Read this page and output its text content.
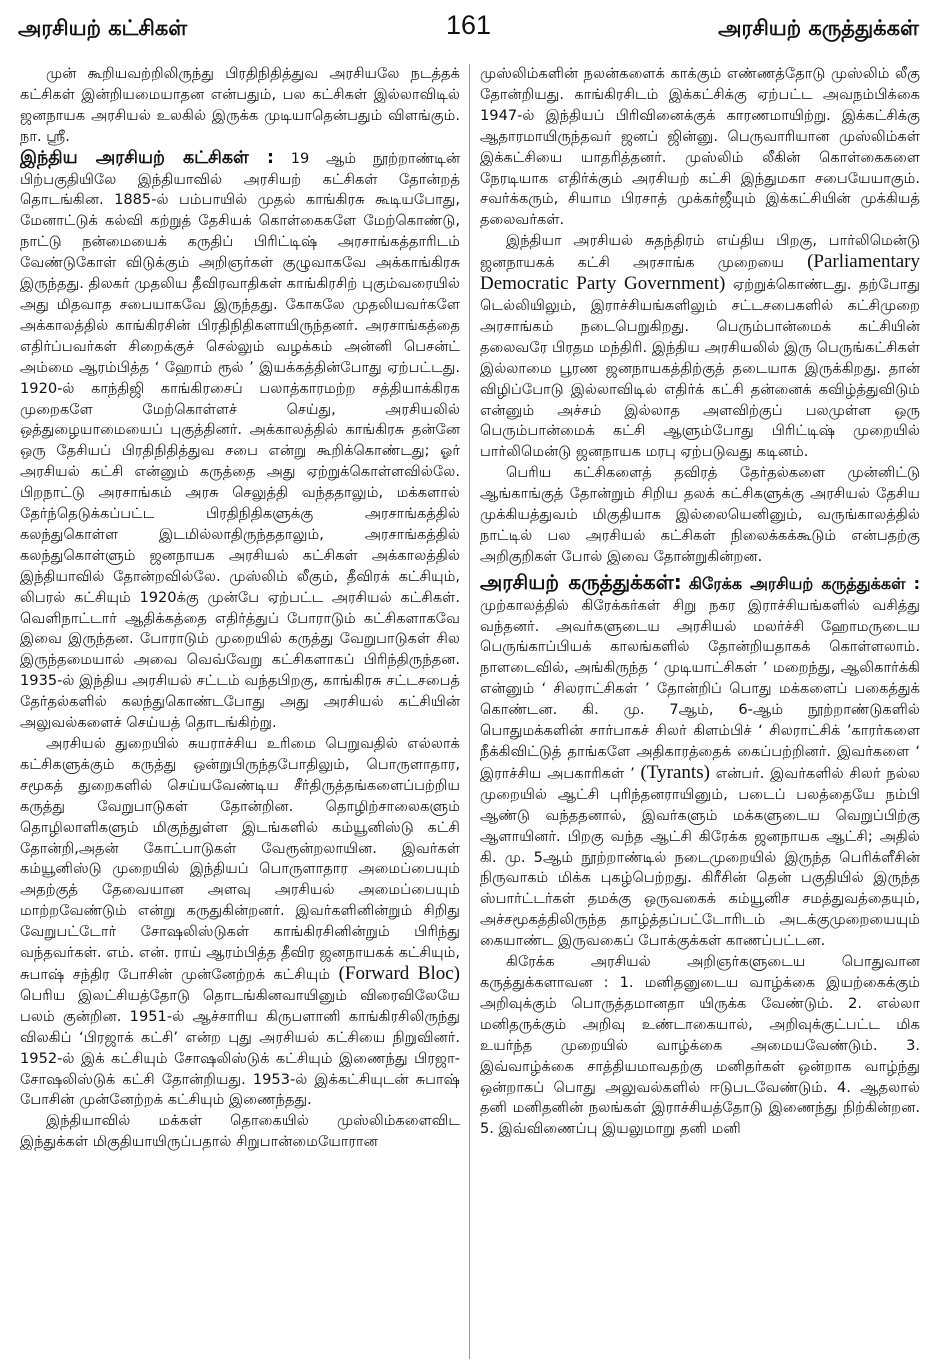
அரசியற் கட்சிகள்	161	அரசியற் கருத்துக்கள்

முன் கூறியவற்றிலிருந்து பிரதிநிதித்துவ அரசியலே நடத்தக் கட்சிகள் இன்றியமையாதன என்பதும், பல கட்சிகள் இல்லாவிடில் ஜனநாயக அரசியல் உலகில் இருக்க முடியாதென்பதும் விளங்கும். நா. ஸ்ரீ.

இந்திய அரசியற் கட்சிகள் : 19 ஆம் நூற்றாண்டின் பிற்பகுதியிலே இந்தியாவில் அரசியற் கட்சிகள் தோன்றத் தொடங்கின. 1885-ல் பம்பாயில் முதல் காங்கிரசு கூடியபோது, மேனாட்டுக் கல்வி கற்றுத் தேசியக் கொள்கைகளே மேற்கொண்டு, நாட்டு நன்மையைக் கருதிப் பிரிட்டிஷ் அரசாங்கத்தாரிடம் வேண்டுகோள் விடுக்கும் அறிஞர்கள் குழுவாகவே அக்காங்கிரசு இருந்தது. திலகர் முதலிய தீவிரவாதிகள் காங்கிரசிற் புகும்வரையில் அது மிதவாத சபையாகவே இருந்தது. கோகலே முதலியவர்களே அக்காலத்தில் காங்கிரசின் பிரதிநிதிகளாயிருந்தனர். அரசாங்கத்தை எதிர்ப்பவர்கள் சிறைக்குச் செல்லும் வழக்கம் அன்னி பெசன்ட் அம்மை ஆரம்பித்த ‘ ஹோம் ரூல் ’ இயக்கத்தின்போது ஏற்பட்டது. 1920-ல் காந்திஜி காங்கிரசைப் பலாத்காரமற்ற சத்தியாக்கிரக முறைகளே மேற்கொள்ளச் செய்து, அரசியலில் ஒத்துழையாமையைப் புகுத்தினர். அக்காலத்தில் காங்கிரசு தன்னே ஒரு தேசியப் பிரதிநிதித்துவ சபை என்று கூறிக்கொண்டது; ஓர் அரசியல் கட்சி என்னும் கருத்தை அது ஏற்றுக்கொள்ளவில்லே. பிறநாட்டு அரசாங்கம் அரசு செலுத்தி வந்ததாலும், மக்களால் தேர்ந்தெடுக்கப்பட்ட பிரதிநிதிகளுக்கு அரசாங்கத்தில் கலந்துகொள்ள இடமில்லாதிருந்ததாலும், அரசாங்கத்தில் கலந்துகொள்ளும் ஜனநாயக அரசியல் கட்சிகள் அக்காலத்தில் இந்தியாவில் தோன்றவில்லே. முஸ்லிம் லீகும், தீவிரக் கட்சியும், லிபரல் கட்சியும் 1920க்கு முன்பே ஏற்பட்ட அரசியல் கட்சிகள். வெளிநாட்டார் ஆதிக்கத்தை எதிர்த்துப் போராடும் கட்சிகளாகவே இவை இருந்தன. போராடும் முறையில் கருத்து வேறுபாடுகள் சில இருந்தமையால் அவை வெவ்வேறு கட்சிகளாகப் பிரிந்திருந்தன. 1935-ல் இந்திய அரசியல் சட்டம் வந்தபிறகு, காங்கிரசு சட்டசபைத் தேர்தல்களில் கலந்துகொண்டபோது அது அரசியல் கட்சியின் அலுவல்களைச் செய்யத் தொடங்கிற்று.

அரசியல் துறையில் சுயராச்சிய உரிமை பெறுவதில் எல்லாக் கட்சிகளுக்கும் கருத்து ஒன்றுபிருந்தபோதிலும், பொருளாதார, சமூகத் துறைகளில் செய்யவேண்டிய சீர்திருத்தங்களைப்பற்றிய கருத்து வேறுபாடுகள் தோன்றின. தொழிற்சாலைகளும் தொழிலாளிகளும் மிகுந்துள்ள இடங்களில் கம்யூனிஸ்டு கட்சி தோன்றி,அதன் கோட்பாடுகள் வேரூன்றலாயின. இவர்கள் கம்யூனிஸ்டு முறையில் இந்தியப் பொருளாதார அமைப்பையும் அதற்குத் தேவையான அளவு அரசியல் அமைப்பையும் மாற்றவேண்டும் என்று கருதுகின்றனர். இவர்களினின்றும் சிறிது வேறுபட்டோர் சோஷலிஸ்டுகள் காங்கிரசினின்றும் பிரிந்து வந்தவர்கள். எம். என். ராய் ஆரம்பித்த தீவிர ஜனநாயகக் கட்சியும், சுபாஷ் சந்திர போசின் முன்னேற்றக் கட்சியும் (Forward Bloc) பெரிய இலட்சியத்தோடு தொடங்கினவாயினும் விரைவிலேயே பலம் குன்றின. 1951-ல் ஆச்சாரிய கிருபளானி காங்கிரசிலிருந்து விலகிப் ‘பிரஜாக் கட்சி’ என்ற புது அரசியல் கட்சியை நிறுவினர். 1952-ல் இக் கட்சியும் சோஷலிஸ்டுக் கட்சியும் இணைந்து பிரஜா-சோஷலிஸ்டுக் கட்சி தோன்றியது. 1953-ல் இக்கட்சியுடன் சுபாஷ் போசின் முன்னேற்றக் கட்சியும் இணைந்தது.

இந்தியாவில் மக்கள் தொகையில் முஸ்லிம்களைவிட இந்துக்கள் மிகுதியாயிருப்பதால் சிறுபான்மையோரான

முஸ்லிம்களின் நலன்களைக் காக்கும் எண்ணத்தோடு முஸ்லிம் லீகு தோன்றியது. காங்கிரசிடம் இக்கட்சிக்கு ஏற்பட்ட அவநம்பிக்கை 1947-ல் இந்தியப் பிரிவினைக்குக் காரணமாயிற்று. இக்கட்சிக்கு ஆதாரமாயிருந்தவர் ஜனப் ஜின்னு. பெருவாரியான முஸ்லிம்கள் இக்கட்சியை யாதரித்தனர். முஸ்லிம் லீகின் கொள்கைகளை நேரடியாக எதிர்க்கும் அரசியற் கட்சி இந்துமகா சபையேயாகும். சவர்க்கரும், சியாம பிரசாத் முக்கர்ஜீயும் இக்கட்சியின் முக்கியத் தலைவர்கள்.

இந்தியா அரசியல் சுதந்திரம் எய்திய பிறகு, பார்லிமென்டு ஜனநாயகக் கட்சி அரசாங்க முறையை (Parliamentary Democratic Party Government) ஏற்றுக்கொண்டது. தற்போது டெல்லியிலும், இராச்சியங்களிலும் சட்டசபைகளில் கட்சிமுறை அரசாங்கம் நடைபெறுகிறது. பெரும்பான்மைக் கட்சியின் தலைவரே பிரதம மந்திரி. இந்திய அரசியலில் இரு பெருங்கட்சிகள் இல்லாமை பூரண ஜனநாயகத்திற்குத் தடையாக இருக்கிறது. தான் விழிப்போடு இல்லாவிடில் எதிர்க் கட்சி தன்னைக் கவிழ்த்துவிடும் என்னும் அச்சம் இல்லாத அளவிற்குப் பலமுள்ள ஒரு பெரும்பான்மைக் கட்சி ஆளும்போது பிரிட்டிஷ் முறையில் பார்லிமென்டு ஜனநாயக மரபு ஏற்படுவது கடினம்.

பெரிய கட்சிகளைத் தவிரத் தேர்தல்களை முன்னிட்டு ஆங்காங்குத் தோன்றும் சிறிய தலக் கட்சிகளுக்கு அரசியல் தேசிய முக்கியத்துவம் மிகுதியாக இல்லையெனினும், வருங்காலத்தில் நாட்டில் பல அரசியல் கட்சிகள் நிலைக்கக்கூடும் என்பதற்கு அறிகுறிகள் போல் இவை தோன்றுகின்றன.

அரசியற் கருத்துக்கள்: கிரேக்க அரசியற் கருத்துக்கள் : முற்காலத்தில் கிரேக்கர்கள் சிறு நகர இராச்சியங்களில் வசித்து வந்தனர். அவர்களுடைய அரசியல் மலர்ச்சி ஹோமருடைய பெருங்காப்பியக் காலங்களில் தோன்றியதாகக் கொள்ளலாம். நாளடைவில், அங்கிருந்த ‘ முடியாட்சிகள் ’ மறைந்து, ஆலிகார்க்கி என்னும் ‘ சிலராட்சிகள் ’ தோன்றிப் பொது மக்களைப் பகைத்துக் கொண்டன. கி. மு. 7ஆம், 6-ஆம் நூற்றாண்டுகளில் பொதுமக்களின் சார்பாகச் சிலர் கிளம்பிச் ‘ சிலராட்சிக் ’காரர்களை நீக்கிவிட்டுத் தாங்களே அதிகாரத்தைக் கைப்பற்றினர். இவர்களை ‘ இராச்சிய அபகாரிகள் ’ (Tyrants) என்பர். இவர்களில் சிலர் நல்ல முறையில் ஆட்சி புரிந்தனராயினும், படைப் பலத்தையே நம்பி ஆண்டு வந்ததனால், இவர்களும் மக்களுடைய வெறுப்பிற்கு ஆளாயினர். பிறகு வந்த ஆட்சி கிரேக்க ஜனநாயக ஆட்சி; அதில் கி. மு. 5ஆம் நூற்றாண்டில் நடைமுறையில் இருந்த பெரிக்ளீசின் நிருவாகம் மிக்க புகழ்பெற்றது. கிரீசின் தென் பகுதியில் இருந்த ஸ்பார்ட்டர்கள் தமக்கு ஒருவகைக் கம்யூனிச சமத்துவத்தையும், அச்சமூகத்திலிருந்த தாழ்த்தப்பட்டோரிடம் அடக்குமுறையையும் கையாண்ட இருவகைப் போக்குக்கள் காணப்பட்டன.

கிரேக்க அரசியல் அறிஞர்களுடைய பொதுவான கருத்துக்களாவன : 1. மனிதனுடைய வாழ்க்கை இயற்கைக்கும் அறிவுக்கும் பொருத்தமானதா யிருக்க வேண்டும். 2. எல்லா மனிதருக்கும் அறிவு உண்டாகையால், அறிவுக்குட்பட்ட மிக உயர்ந்த முறையில் வாழ்க்கை அமையவேண்டும். 3. இவ்வாழ்க்கை சாத்தியமாவதற்கு மனிதர்கள் ஒன்றாக வாழ்ந்து ஒன்றாகப் பொது அலுவல்களில் ஈடுபடவேண்டும். 4. ஆதலால் தனி மனிதனின் நலங்கள் இராச்சியத்தோடு இணைந்து நிற்கின்றன. 5. இவ்விணைப்பு இயலுமாறு தனி மனி
